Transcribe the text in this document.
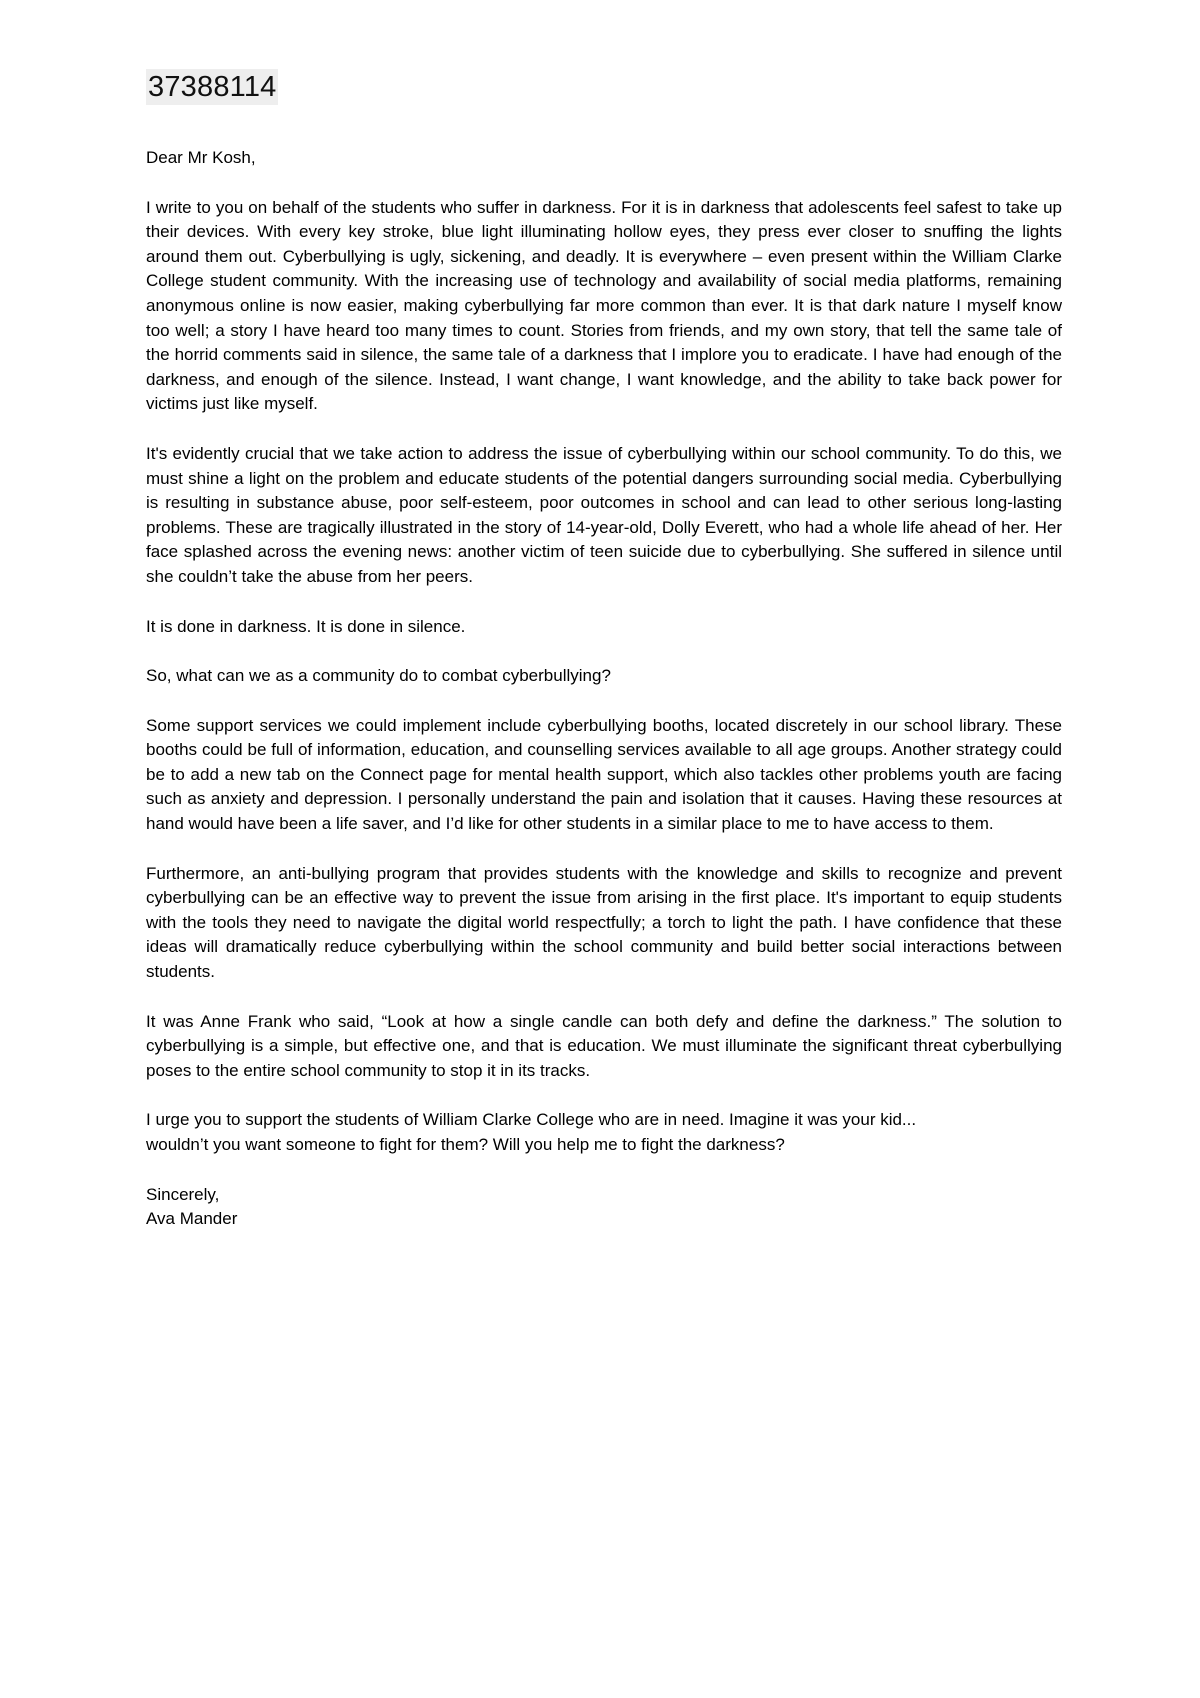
37388114

Dear Mr Kosh,

I write to you on behalf of the students who suffer in darkness. For it is in darkness that adolescents feel safest to take up their devices. With every key stroke, blue light illuminating hollow eyes, they press ever closer to snuffing the lights around them out. Cyberbullying is ugly, sickening, and deadly. It is everywhere – even present within the William Clarke College student community. With the increasing use of technology and availability of social media platforms, remaining anonymous online is now easier, making cyberbullying far more common than ever. It is that dark nature I myself know too well; a story I have heard too many times to count. Stories from friends, and my own story, that tell the same tale of the horrid comments said in silence, the same tale of a darkness that I implore you to eradicate. I have had enough of the darkness, and enough of the silence. Instead, I want change, I want knowledge, and the ability to take back power for victims just like myself.

It's evidently crucial that we take action to address the issue of cyberbullying within our school community. To do this, we must shine a light on the problem and educate students of the potential dangers surrounding social media. Cyberbullying is resulting in substance abuse, poor self-esteem, poor outcomes in school and can lead to other serious long-lasting problems. These are tragically illustrated in the story of 14-year-old, Dolly Everett, who had a whole life ahead of her. Her face splashed across the evening news: another victim of teen suicide due to cyberbullying. She suffered in silence until she couldn’t take the abuse from her peers.

It is done in darkness. It is done in silence.

So, what can we as a community do to combat cyberbullying?

Some support services we could implement include cyberbullying booths, located discretely in our school library. These booths could be full of information, education, and counselling services available to all age groups. Another strategy could be to add a new tab on the Connect page for mental health support, which also tackles other problems youth are facing such as anxiety and depression. I personally understand the pain and isolation that it causes. Having these resources at hand would have been a life saver, and I’d like for other students in a similar place to me to have access to them.

Furthermore, an anti-bullying program that provides students with the knowledge and skills to recognize and prevent cyberbullying can be an effective way to prevent the issue from arising in the first place. It's important to equip students with the tools they need to navigate the digital world respectfully; a torch to light the path. I have confidence that these ideas will dramatically reduce cyberbullying within the school community and build better social interactions between students.

It was Anne Frank who said, “Look at how a single candle can both defy and define the darkness.” The solution to cyberbullying is a simple, but effective one, and that is education. We must illuminate the significant threat cyberbullying poses to the entire school community to stop it in its tracks.

I urge you to support the students of William Clarke College who are in need. Imagine it was your kid...
wouldn’t you want someone to fight for them? Will you help me to fight the darkness?

Sincerely,
Ava Mander
